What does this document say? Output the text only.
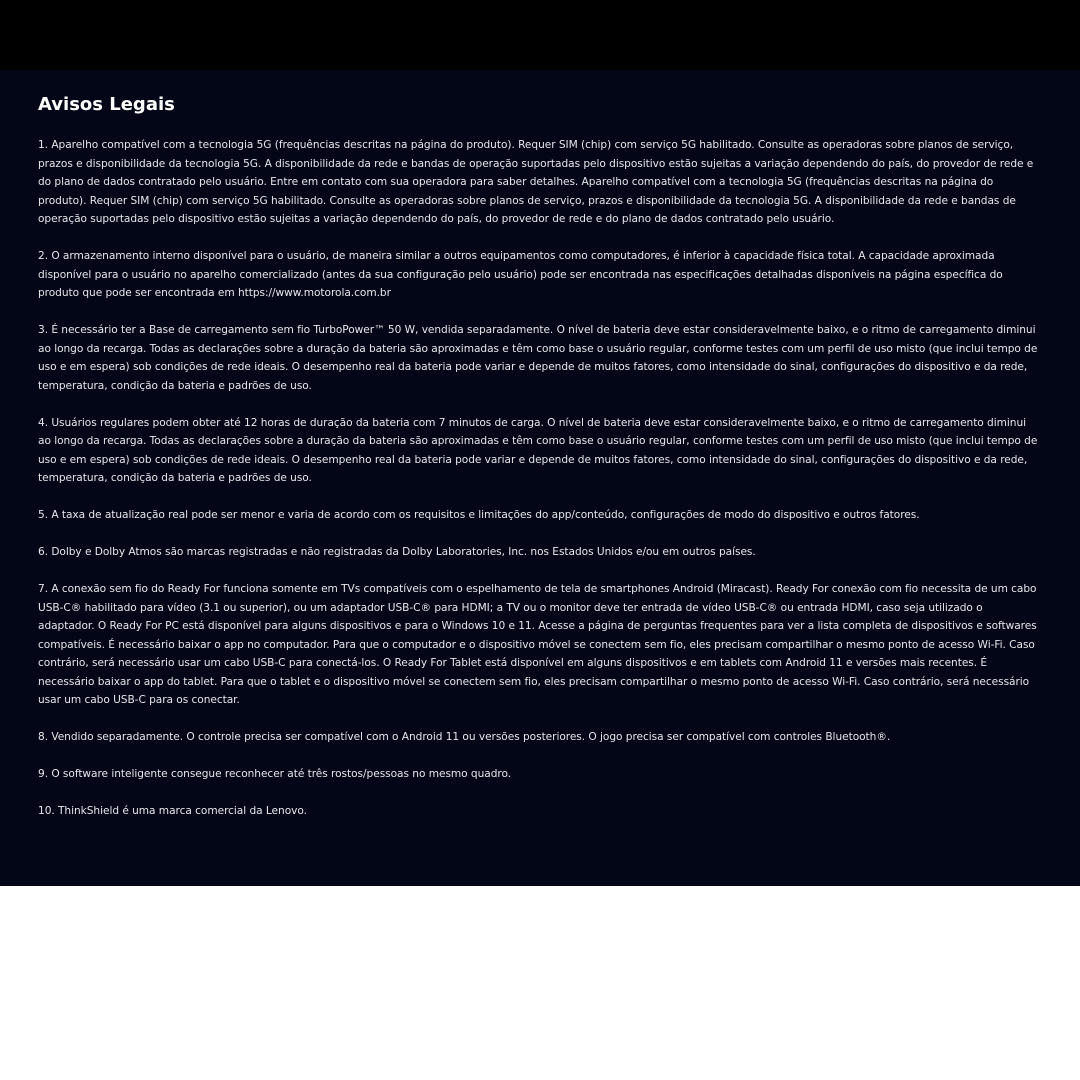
Avisos Legais
1. Aparelho compatível com a tecnologia 5G (frequências descritas na página do produto). Requer SIM (chip) com serviço 5G habilitado. Consulte as operadoras sobre planos de serviço, prazos e disponibilidade da tecnologia 5G. A disponibilidade da rede e bandas de operação suportadas pelo dispositivo estão sujeitas a variação dependendo do país, do provedor de rede e do plano de dados contratado pelo usuário. Entre em contato com sua operadora para saber detalhes. Aparelho compatível com a tecnologia 5G (frequências descritas na página do produto). Requer SIM (chip) com serviço 5G habilitado. Consulte as operadoras sobre planos de serviço, prazos e disponibilidade da tecnologia 5G. A disponibilidade da rede e bandas de operação suportadas pelo dispositivo estão sujeitas a variação dependendo do país, do provedor de rede e do plano de dados contratado pelo usuário.
2. O armazenamento interno disponível para o usuário, de maneira similar a outros equipamentos como computadores, é inferior à capacidade física total. A capacidade aproximada disponível para o usuário no aparelho comercializado (antes da sua configuração pelo usuário) pode ser encontrada nas especificações detalhadas disponíveis na página específica do produto que pode ser encontrada em https://www.motorola.com.br
3. É necessário ter a Base de carregamento sem fio TurboPower™ 50 W, vendida separadamente. O nível de bateria deve estar consideravelmente baixo, e o ritmo de carregamento diminui ao longo da recarga. Todas as declarações sobre a duração da bateria são aproximadas e têm como base o usuário regular, conforme testes com um perfil de uso misto (que inclui tempo de uso e em espera) sob condições de rede ideais. O desempenho real da bateria pode variar e depende de muitos fatores, como intensidade do sinal, configurações do dispositivo e da rede, temperatura, condição da bateria e padrões de uso.
4. Usuários regulares podem obter até 12 horas de duração da bateria com 7 minutos de carga. O nível de bateria deve estar consideravelmente baixo, e o ritmo de carregamento diminui ao longo da recarga. Todas as declarações sobre a duração da bateria são aproximadas e têm como base o usuário regular, conforme testes com um perfil de uso misto (que inclui tempo de uso e em espera) sob condições de rede ideais. O desempenho real da bateria pode variar e depende de muitos fatores, como intensidade do sinal, configurações do dispositivo e da rede, temperatura, condição da bateria e padrões de uso.
5. A taxa de atualização real pode ser menor e varia de acordo com os requisitos e limitações do app/conteúdo, configurações de modo do dispositivo e outros fatores.
6. Dolby e Dolby Atmos são marcas registradas e não registradas da Dolby Laboratories, Inc. nos Estados Unidos e/ou em outros países.
7. A conexão sem fio do Ready For funciona somente em TVs compatíveis com o espelhamento de tela de smartphones Android (Miracast). Ready For conexão com fio necessita de um cabo USB-C® habilitado para vídeo (3.1 ou superior), ou um adaptador USB-C® para HDMI; a TV ou o monitor deve ter entrada de vídeo USB-C® ou entrada HDMI, caso seja utilizado o adaptador. O Ready For PC está disponível para alguns dispositivos e para o Windows 10 e 11. Acesse a página de perguntas frequentes para ver a lista completa de dispositivos e softwares compatíveis. É necessário baixar o app no computador. Para que o computador e o dispositivo móvel se conectem sem fio, eles precisam compartilhar o mesmo ponto de acesso Wi-Fi. Caso contrário, será necessário usar um cabo USB-C para conectá-los. O Ready For Tablet está disponível em alguns dispositivos e em tablets com Android 11 e versões mais recentes. É necessário baixar o app do tablet. Para que o tablet e o dispositivo móvel se conectem sem fio, eles precisam compartilhar o mesmo ponto de acesso Wi-Fi. Caso contrário, será necessário usar um cabo USB-C para os conectar.
8. Vendido separadamente. O controle precisa ser compatível com o Android 11 ou versões posteriores. O jogo precisa ser compatível com controles Bluetooth®.
9. O software inteligente consegue reconhecer até três rostos/pessoas no mesmo quadro.
10. ThinkShield é uma marca comercial da Lenovo.
